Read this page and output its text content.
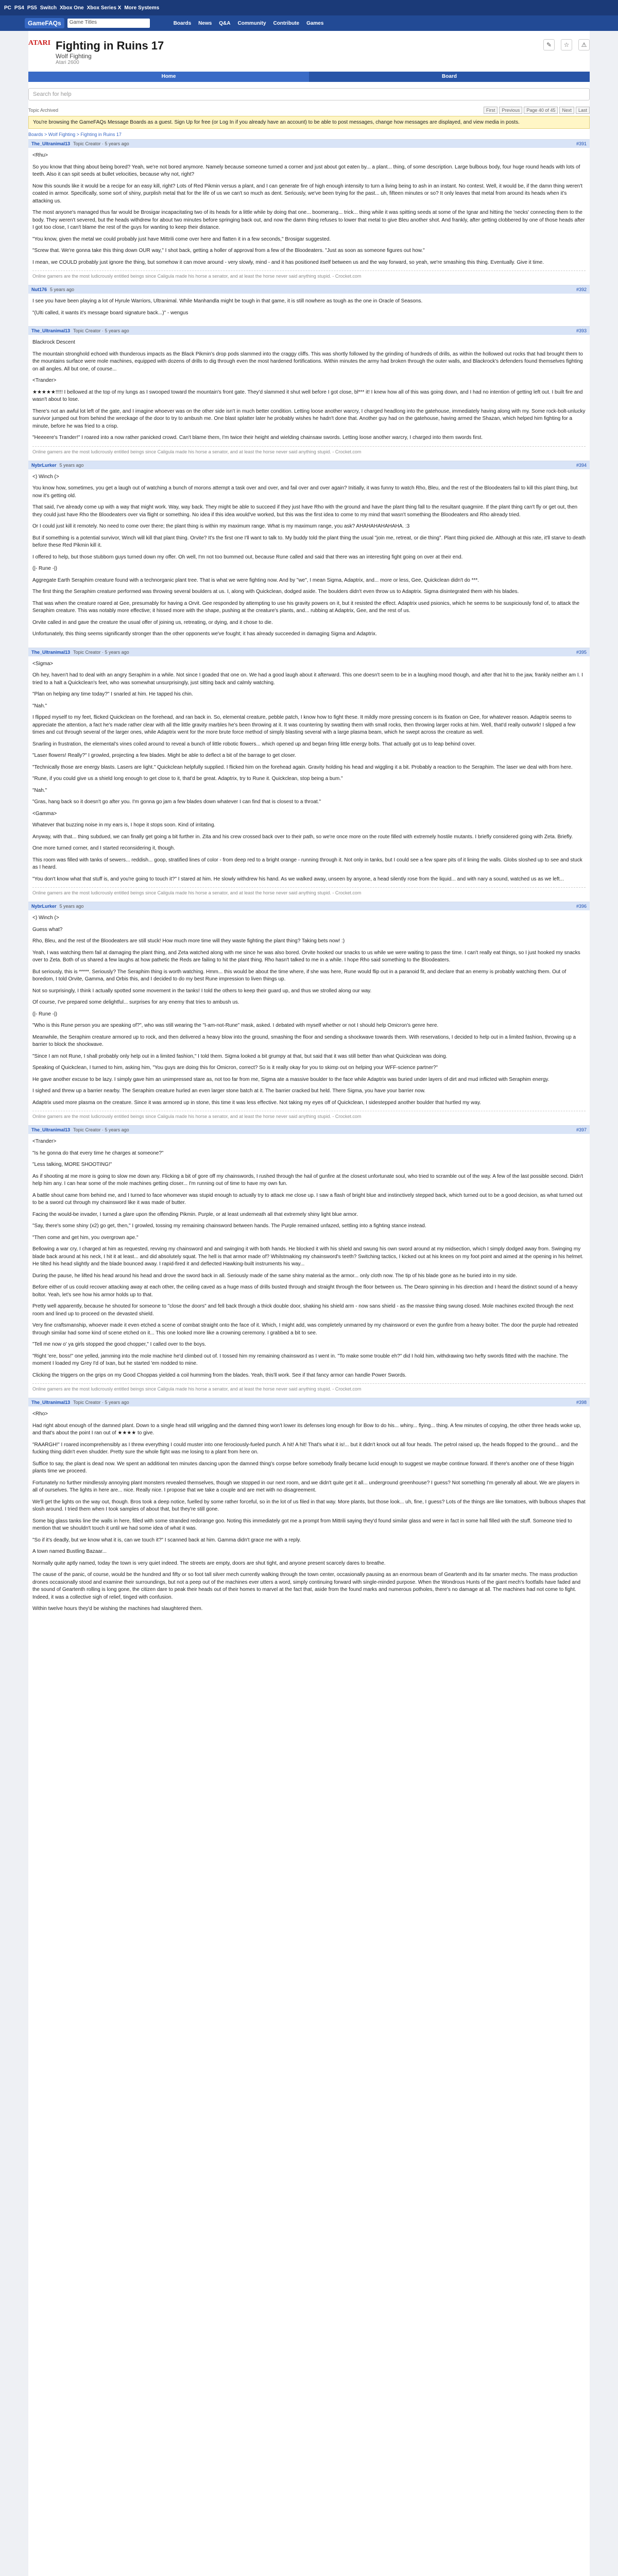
PC PS4 PS5 Switch Xbox One Xbox Series X More Systems
GameFAQs	Game Titles	Boards News Q&A Community Contribute Games
ATARI Fighting in Ruins 17
Wolf Fighting
Atari 2600
✎	☆	⚠
Home	Board
Search for help
Topic Archived	First	Previous	Page 40 of 45	Next	Last
You're browsing the GameFAQs Message Boards as a guest. Sign Up for free (or Log In if you already have an account) to be able to post messages, change how messages are displayed, and view media in posts.
Boards > Wolf Fighting > Fighting in Ruins 17
The_Ultranimal13 Topic Creator · 5 years ago	#391

<Rhu>

So you know that thing about being bored? Yeah, we're not bored anymore. Namely because someone turned a corner and just about got eaten by... a plant... thing, of some description. Large bulbous body, four huge round heads with lots of teeth. Also it can spit seeds at bullet velocities, because why not, right?

Now this sounds like it would be a recipe for an easy kill, right? Lots of Red Pikmin versus a plant, and I can generate fire of high enough intensity to turn a living being to ash in an instant. No contest. Well, it would be, if the damn thing weren't coated in armor. Specifically, some sort of shiny, purplish metal that for the life of us we can't so much as dent. Seriously, we've been trying for the past... uh, fifteen minutes or so? It only leaves that metal from around its heads when it's attacking us.

The most anyone's managed thus far would be Brosigar incapacitating two of its heads for a little while by doing that one... boomerang... trick... thing while it was spitting seeds at some of the Ignar and hitting the 'necks' connecting them to the body. They weren't severed, but the heads withdrew for about two minutes before springing back out, and now the damn thing refuses to lower that metal to give Bleu another shot. And frankly, after getting clobbered by one of those heads after I got too close, I can't blame the rest of the guys for wanting to keep their distance.

"You know, given the metal we could probably just have Mittrili come over here and flatten it in a few seconds," Brosigar suggested.

"Screw that. We're gonna take this thing down OUR way," I shot back, getting a holler of approval from a few of the Bloodeaters. "Just as soon as someone figures out how."

I mean, we COULD probably just ignore the thing, but somehow it can move around - very slowly, mind - and it has positioned itself between us and the way forward, so yeah, we're smashing this thing. Eventually. Give it time.

Online gamers are the most ludicrously entitled beings since Caligula made his horse a senator, and at least the horse never said anything stupid. - Crocket.com
Nut176 5 years ago	#392

I see you have been playing a lot of Hyrule Warriors, Ultranimal. While Manhandla might be tough in that game, it is still nowhere as tough as the one in Oracle of Seasons.

"(Ulti called, it wants it's message board signature back...)" - wengus

The_Ultranimal13 Topic Creator · 5 years ago	#393

Blackrock Descent

The mountain stronghold echoed with thunderous impacts as the Black Pikmin's drop pods slammed into the craggy cliffs. This was shortly followed by the grinding of hundreds of drills, as within the hollowed out rocks that had brought them to the mountains surface were mole machines, equipped with dozens of drills to dig through even the most hardened fortifications. Within minutes the army had broken through the outer walls, and Blackrock's defenders found themselves fighting on all angles. All but one, of course...

<Trander>

★★★★★!!!!! I bellowed at the top of my lungs as I swooped toward the mountain's front gate. They'd slammed it shut well before I got close, bl*** it! I knew how all of this was going down, and I had no intention of getting left out. I built fire and wasn't about to lose.

There's not an awful lot left of the gate, and I imagine whoever was on the other side isn't in much better condition. Letting loose another warcry, I charged headlong into the gatehouse, immediately having along with my. Some rock-bolt-unlucky survivor jumped out from behind the wreckage of the door to try to ambush me. One blast splatter later he probably wishes he hadn't done that. Another guy had on the gatehouse, having armed the Shazan, which helped him fighting for a minute, before he was fried to a crisp.

"Heeeere's Trander!" I roared into a now rather panicked crowd. Can't blame them, I'm twice their height and wielding chainsaw swords. Letting loose another warcry, I charged into them swords first.

Online gamers are the most ludicrously entitled beings since Caligula made his horse a senator, and at least the horse never said anything stupid. - Crocket.com
NybrLurker 5 years ago	#394

<) Winch (>

You know how, sometimes, you get a laugh out of watching a bunch of morons attempt a task over and over, and fail over and over again? Initially, it was funny to watch Rho, Bleu, and the rest of the Bloodeaters fail to kill this plant thing, but now it's getting old.

That said, I've already come up with a way that might work. Way, way back. They might be able to succeed if they just have Rho with the ground and have the plant thing fall to the resultant quagmire. If the plant thing can't fly or get out, then they could just have Rho the Bloodeaters over via flight or something. No idea if this idea would've worked, but this was the first idea to come to my mind that wasn't something the Bloodeaters and Rho already tried.

Or I could just kill it remotely. No need to come over there; the plant thing is within my maximum range. What is my maximum range, you ask? AHAHAHAHAHAHA. :3

But if something is a potential survivor, Winch will kill that plant thing. Orvite? It's the first one I'll want to talk to. My buddy told the plant thing the usual "join me, retreat, or die thing". Plant thing picked die. Although at this rate, it'll starve to death before these Red Pikmin kill it.

I offered to help, but those stubborn guys turned down my offer. Oh well, I'm not too bummed out, because Rune called and said that there was an interesting fight going on over at their end.

(|- Rune -|)

Aggregate Earth Seraphim creature found with a technorganic plant tree. That is what we were fighting now. And by "we", I mean Sigma, Adaptrix, and... more or less, Gee, Quickclean didn't do ***.

The first thing the Seraphim creature performed was throwing several boulders at us. I, along with Quickclean, dodged aside. The boulders didn't even throw us to Adaptrix. Sigma disintegrated them with his blades.

That was when the creature roared at Gee, presumably for having a Orvit. Gee responded by attempting to use his gravity powers on it, but it resisted the effect. Adaptrix used psionics, which he seems to be suspiciously fond of, to attack the Seraphim creature. This was notably more effective; it hissed more with the shape, pushing at the creature's plants, and... rubbing at Adaptrix, Gee, and the rest of us.

Orvite called in and gave the creature the usual offer of joining us, retreating, or dying, and it chose to die.

Unfortunately, this thing seems significantly stronger than the other opponents we've fought; it has already succeeded in damaging Sigma and Adaptrix.

The_Ultranimal13 Topic Creator · 5 years ago	#395

<Sigma>

Oh hey, haven't had to deal with an angry Seraphim in a while. Not since I goaded that one on. We had a good laugh about it afterward. This one doesn't seem to be in a laughing mood though, and after that hit to the jaw, frankly neither am I. I tried to a halt a Quickclean's feet, who was somewhat unsurprisingly, just sitting back and calmly watching.

"Plan on helping any time today?" I snarled at him. He tapped his chin.

"Nah."

I flipped myself to my feet, flicked Quickclean on the forehead, and ran back in. So, elemental creature, pebble patch, I know how to fight these. It mildly more pressing concern is its fixation on Gee, for whatever reason. Adaptrix seems to appreciate the attention, a fact he's made rather clear with all the little gravity marbles he's been throwing at it. It was countering by swatting them with small rocks, then throwing larger rocks at him. Well, that'd really outwork! I slipped a few times and cut through several of the larger ones, while Adaptrix went for the more brute force method of simply blasting several with a large plasma beam, which he swept across the creature as well.

Snarling in frustration, the elemental's vines coiled around to reveal a bunch of little robotic flowers... which opened up and began firing little energy bolts. That actually got us to leap behind cover.

"Laser flowers! Really?" I growled, projecting a few blades. Might be able to deflect a bit of the barrage to get closer.

"Technically those are energy blasts. Lasers are light." Quickclean helpfully supplied. I flicked him on the forehead again. Gravity holding his head and wiggling it a bit. Probably a reaction to the Seraphim. The laser we deal with from here.

"Rune, if you could give us a shield long enough to get close to it, that'd be great. Adaptrix, try to Rune it. Quickclean, stop being a bum."

"Nah."

"Gras, hang back so it doesn't go after you. I'm gonna go jam a few blades down whatever I can find that is closest to a throat."

<Gamma>

Whatever that buzzing noise in my ears is, I hope it stops soon. Kind of irritating.

Anyway, with that... thing subdued, we can finally get going a bit further in. Zita and his crew crossed back over to their path, so we're once more on the route filled with extremely hostile mutants. I briefly considered going with Zeta. Briefly.

One more turned corner, and I started reconsidering it, though.

This room was filled with tanks of sewers... reddish... goop, stratified lines of color - from deep red to a bright orange - running through it. Not only in tanks, but I could see a few spare pits of it lining the walls. Globs sloshed up to see and stuck as I heard.

"You don't know what that stuff is, and you're going to touch it?" I stared at him. He slowly withdrew his hand. As we walked away, unseen by anyone, a head silently rose from the liquid... and with nary a sound, watched us as we left...

Online gamers are the most ludicrously entitled beings since Caligula made his horse a senator, and at least the horse never said anything stupid. - Crocket.com
NybrLurker 5 years ago	#396

<) Winch (>

Guess what?

Rho, Bleu, and the rest of the Bloodeaters are still stuck! How much more time will they waste fighting the plant thing? Taking bets now! :)

Yeah, I was watching them fail at damaging the plant thing, and Zeta watched along with me since he was also bored. Orvite hooked our snacks to us while we were waiting to pass the time. I can't really eat things, so I just hooked my snacks over to Zeta. Both of us shared a few laughs at how pathetic the Reds are failing to hit the plant thing. Rho hasn't talked to me in a while. I hope Rho said something to the Bloodeaters.

But seriously, this is *****. Seriously? The Seraphim thing is worth watching. Hmm... this would be about the time where, if she was here, Rune would flip out in a paranoid fit, and declare that an enemy is probably watching them. Out of boredom, I told Orvite, Gamma, and Orbis this, and I decided to do my best Rune impression to liven things up.

Not so surprisingly, I think I actually spotted some movement in the tanks! I told the others to keep their guard up, and thus we strolled along our way.

Of course, I've prepared some delightful... surprises for any enemy that tries to ambush us.

(|- Rune -|)

"Who is this Rune person you are speaking of?", who was still wearing the "I-am-not-Rune" mask, asked. I debated with myself whether or not I should help Omicron's genre here.

Meanwhile, the Seraphim creature armored up to rock, and then delivered a heavy blow into the ground, smashing the floor and sending a shockwave towards them. With reservations, I decided to help out in a limited fashion, throwing up a barrier to block the shockwave.

"Since I am not Rune, I shall probably only help out in a limited fashion," I told them. Sigma looked a bit grumpy at that, but said that it was still better than what Quickclean was doing.

Speaking of Quickclean, I turned to him, asking him, "You guys are doing this for Omicron, correct? So is it really okay for you to skimp out on helping your WFF-science partner?"

He gave another excuse to be lazy. I simply gave him an unimpressed stare as, not too far from me, Sigma ate a massive boulder to the face while Adaptrix was buried under layers of dirt and mud inflicted with Seraphim energy.

I sighed and threw up a barrier nearby. The Seraphim creature hurled an even larger stone batch at it. The barrier cracked but held. There Sigma, you have your barrier now.

Adaptrix used more plasma on the creature. Since it was armored up in stone, this time it was less effective. Not taking my eyes off of Quickclean, I sidestepped another boulder that hurtled my way.

Online gamers are the most ludicrously entitled beings since Caligula made his horse a senator, and at least the horse never said anything stupid. - Crocket.com
The_Ultranimal13 Topic Creator · 5 years ago	#397

<Trander>

"Is he gonna do that every time he charges at someone?"

"Less talking, MORE SHOOTING!"

As if shooting at me more is going to slow me down any. Flicking a bit of gore off my chainswords, I rushed through the hail of gunfire at the closest unfortunate soul, who tried to scramble out of the way. A few of the last possible second. Didn't help him any. I can hear some of the mole machines getting closer... I'm running out of time to have my own fun.

A battle shout came from behind me, and I turned to face whomever was stupid enough to actually try to attack me close up. I saw a flash of bright blue and instinctively stepped back, which turned out to be a good decision, as what turned out to be a sword cut through my chainsword like it was made of butter.

Facing the would-be invader, I turned a glare upon the offending Pikmin. Purple, or at least underneath all that extremely shiny light blue armor.

"Say, there's some shiny (x2) go get, then," I growled, tossing my remaining chainsword between hands. The Purple remained unfazed, settling into a fighting stance instead.

"Then come and get him, you overgrown ape."

Bellowing a war cry, I charged at him as requested, revving my chainsword and and swinging it with both hands. He blocked it with his shield and swung his own sword around at my midsection, which I simply dodged away from. Swinging my blade back around at his neck, I hit it at least... and did absolutely squat. The hell is that armor made of? Whilstmaking my chainsword's teeth? Switching tactics, I kicked out at his knees on my foot point and aimed at the opening in his helmet. He tilted his head slightly and the blade bounced away. I rapid-fired it and deflected Hawking-built instruments his way...

During the pause, he lifted his head around his head and drove the sword back in all. Seriously made of the same shiny material as the armor... only cloth now. The tip of his blade gone as he buried into in my side.

Before either of us could recover attacking away at each other, the ceiling caved as a huge mass of drills busted through and straight through the floor between us. The Dearo spinning in his direction and I heard the distinct sound of a heavy boltor. Yeah, let's see how his armor holds up to that.

Pretty well apparently, because he shouted for someone to "close the doors" and fell back through a thick double door, shaking his shield arm - now sans shield - as the massive thing swung closed. Mole machines excited through the next room and lined up to proceed on the devasted shield.

Very fine craftsmanship, whoever made it even etched a scene of combat straight onto the face of it. Which, I might add, was completely unmarred by my chainsword or even the gunfire from a heavy bolter. The door the purple had retreated through similar had some kind of scene etched on it... This one looked more like a crowning ceremony. I grabbed a bit to see.

"Tell me now o' ya girls stopped the good chopper," I called over to the boys.

"Right 'ere, boss!" one yelled, jamming into the mole machine he'd climbed out of. I tossed him my remaining chainsword as I went in. "To make some trouble eh?" did I hold him, withdrawing two hefty swords fitted with the machine. The moment I loaded my Grey I'd of Ixan, but he started 'em nodded to mine.

Clicking the triggers on the grips on my Good Choppas yielded a coil humming from the blades. Yeah, this'll work. See if that fancy armor can handle Power Swords.

Online gamers are the most ludicrously entitled beings since Caligula made his horse a senator, and at least the horse never said anything stupid. - Crocket.com
The_Ultranimal13 Topic Creator · 5 years ago	#398

<Rho>

Had right about enough of the damned plant. Down to a single head still wriggling and the damned thing won't lower its defenses long enough for Bow to do his... whiny... flying... thing. A few minutes of copying, the other three heads woke up, and that's about the point I ran out of ★★★★ to give.

"RAARGH!" I roared incomprehensibly as I threw everything I could muster into one ferociously-fueled punch. A hit! A hit! That's what it is!... but it didn't knock out all four heads. The petrol raised up, the heads flopped to the ground... and the fucking thing didn't even shudder. Pretty sure the whole fight was me losing to a plant from here on.

Suffice to say, the plant is dead now. We spent an additional ten minutes dancing upon the damned thing's corpse before somebody finally became lucid enough to suggest we maybe continue forward. If there's another one of these friggin plants time we proceed.

Fortunately no further mindlessly annoying plant monsters revealed themselves, though we stopped in our next room, and we didn't quite get it all... underground greenhouse? I guess? Not something I'm generally all about. We are players in all of ourselves. The lights in here are... nice. Really nice. I propose that we take a couple and are met with no disagreement.

We'll get the lights on the way out, though. Bros took a deep notice, fuelled by some rather forceful, so in the lot of us filed in that way. More plants, but those look... uh, fine, I guess? Lots of the things are like tomatoes, with bulbous shapes that slosh around. I tried them when I took samples of about that, but they're still gone.

Some big glass tanks line the walls in here, filled with some stranded redorange goo. Noting this immediately got me a prompt from Mittrili saying they'd found similar glass and were in fact in some hall filled with the stuff. Someone tried to mention that we shouldn't touch it until we had some idea of what it was.

"So if it's deadly, but we know what it is, can we touch it?" I scanned back at him. Gamma didn't grace me with a reply.

A town named Bustling Bazaar...

Normally quite aptly named, today the town is very quiet indeed. The streets are empty, doors are shut tight, and anyone present scarcely dares to breathe.

The cause of the panic, of course, would be the hundred and fifty or so foot tall silver mech currently walking through the town center, occasionally pausing as an enormous beam of Geartenth and its far smarter mechs. The mass production drones occasionally stood and examine their surroundings, but not a peep out of the machines ever utters a word, simply continuing forward with single-minded purpose. When the Wondrous Hunts of the giant mech's footfalls have faded and the sound of Geartenth rolling is long gone, the citizen dare to peak their heads out of their homes to marvel at the fact that, aside from the found marks and numerous potholes, there's no damage at all. The machines had not come to fight. Indeed, it was a collective sigh of relief, tinged with confusion.

Within twelve hours they'd be wishing the machines had slaughtered them.
